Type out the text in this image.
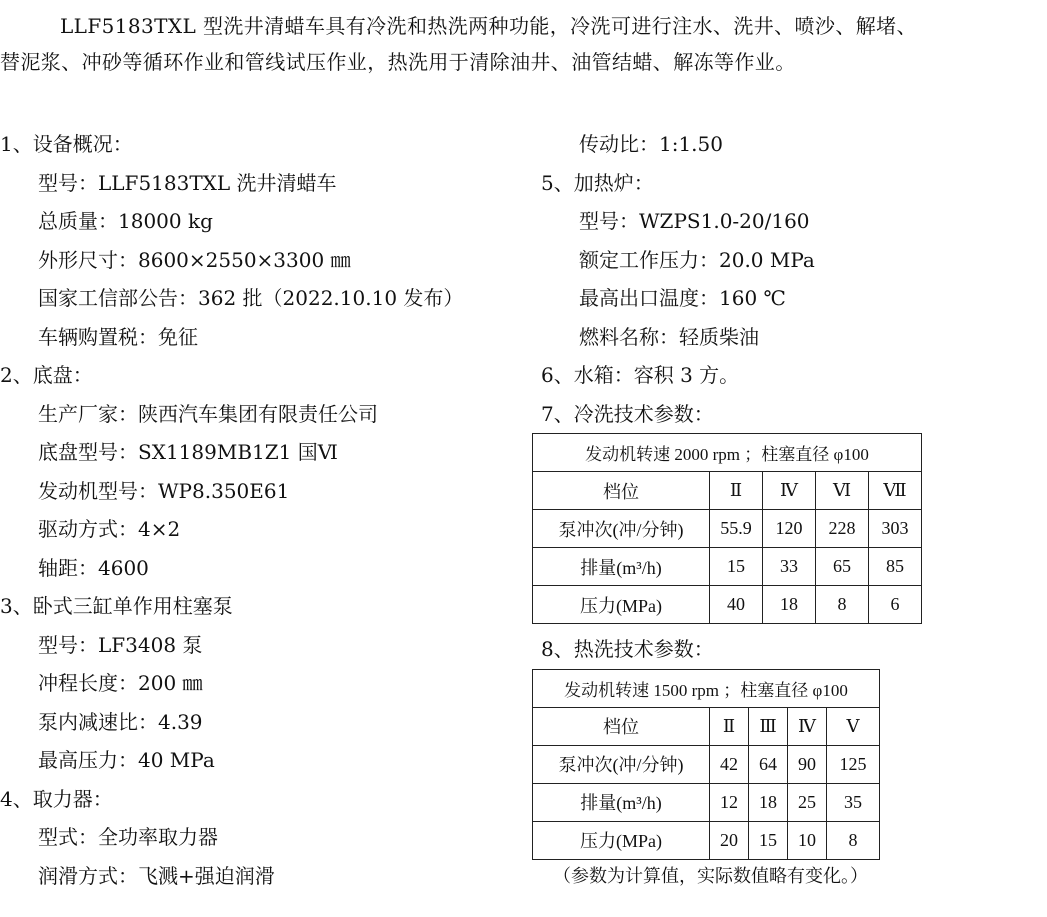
LLF5183TXL 型洗井清蜡车具有冷洗和热洗两种功能，冷洗可进行注水、洗井、喷沙、解堵、
替泥浆、冲砂等循环作业和管线试压作业，热洗用于清除油井、油管结蜡、解冻等作业。

1、设备概况：
型号：LLF5183TXL 洗井清蜡车
总质量：18000 kg
外形尺寸：8600×2550×3300 ㎜
国家工信部公告：362 批（2022.10.10 发布）
车辆购置税：免征
2、底盘：
生产厂家：陕西汽车集团有限责任公司
底盘型号：SX1189MB1Z1 国Ⅵ
发动机型号：WP8.350E61
驱动方式：4×2
轴距：4600
3、卧式三缸单作用柱塞泵
型号：LF3408 泵
冲程长度：200 ㎜
泵内减速比：4.39
最高压力：40 MPa
4、取力器：
型式：全功率取力器
润滑方式：飞溅+强迫润滑
传动比：1:1.50
5、加热炉：
型号：WZPS1.0-20/160
额定工作压力：20.0 MPa
最高出口温度：160 ℃
燃料名称：轻质柴油
6、水箱：容积 3 方。
7、冷洗技术参数：
发动机转速 2000 rpm ；柱塞直径 φ100				
档位	Ⅱ	Ⅳ	Ⅵ	Ⅶ
泵冲次(冲/分钟)	55.9	120	228	303
排量(m³/h)	15	33	65	85
压力(MPa)	40	18	8	6
8、热洗技术参数：
发动机转速 1500 rpm ；柱塞直径 φ100				
档位	Ⅱ	Ⅲ	Ⅳ	Ⅴ
泵冲次(冲/分钟)	42	64	90	125
排量(m³/h)	12	18	25	35
压力(MPa)	20	15	10	8
（参数为计算值，实际数值略有变化。）
